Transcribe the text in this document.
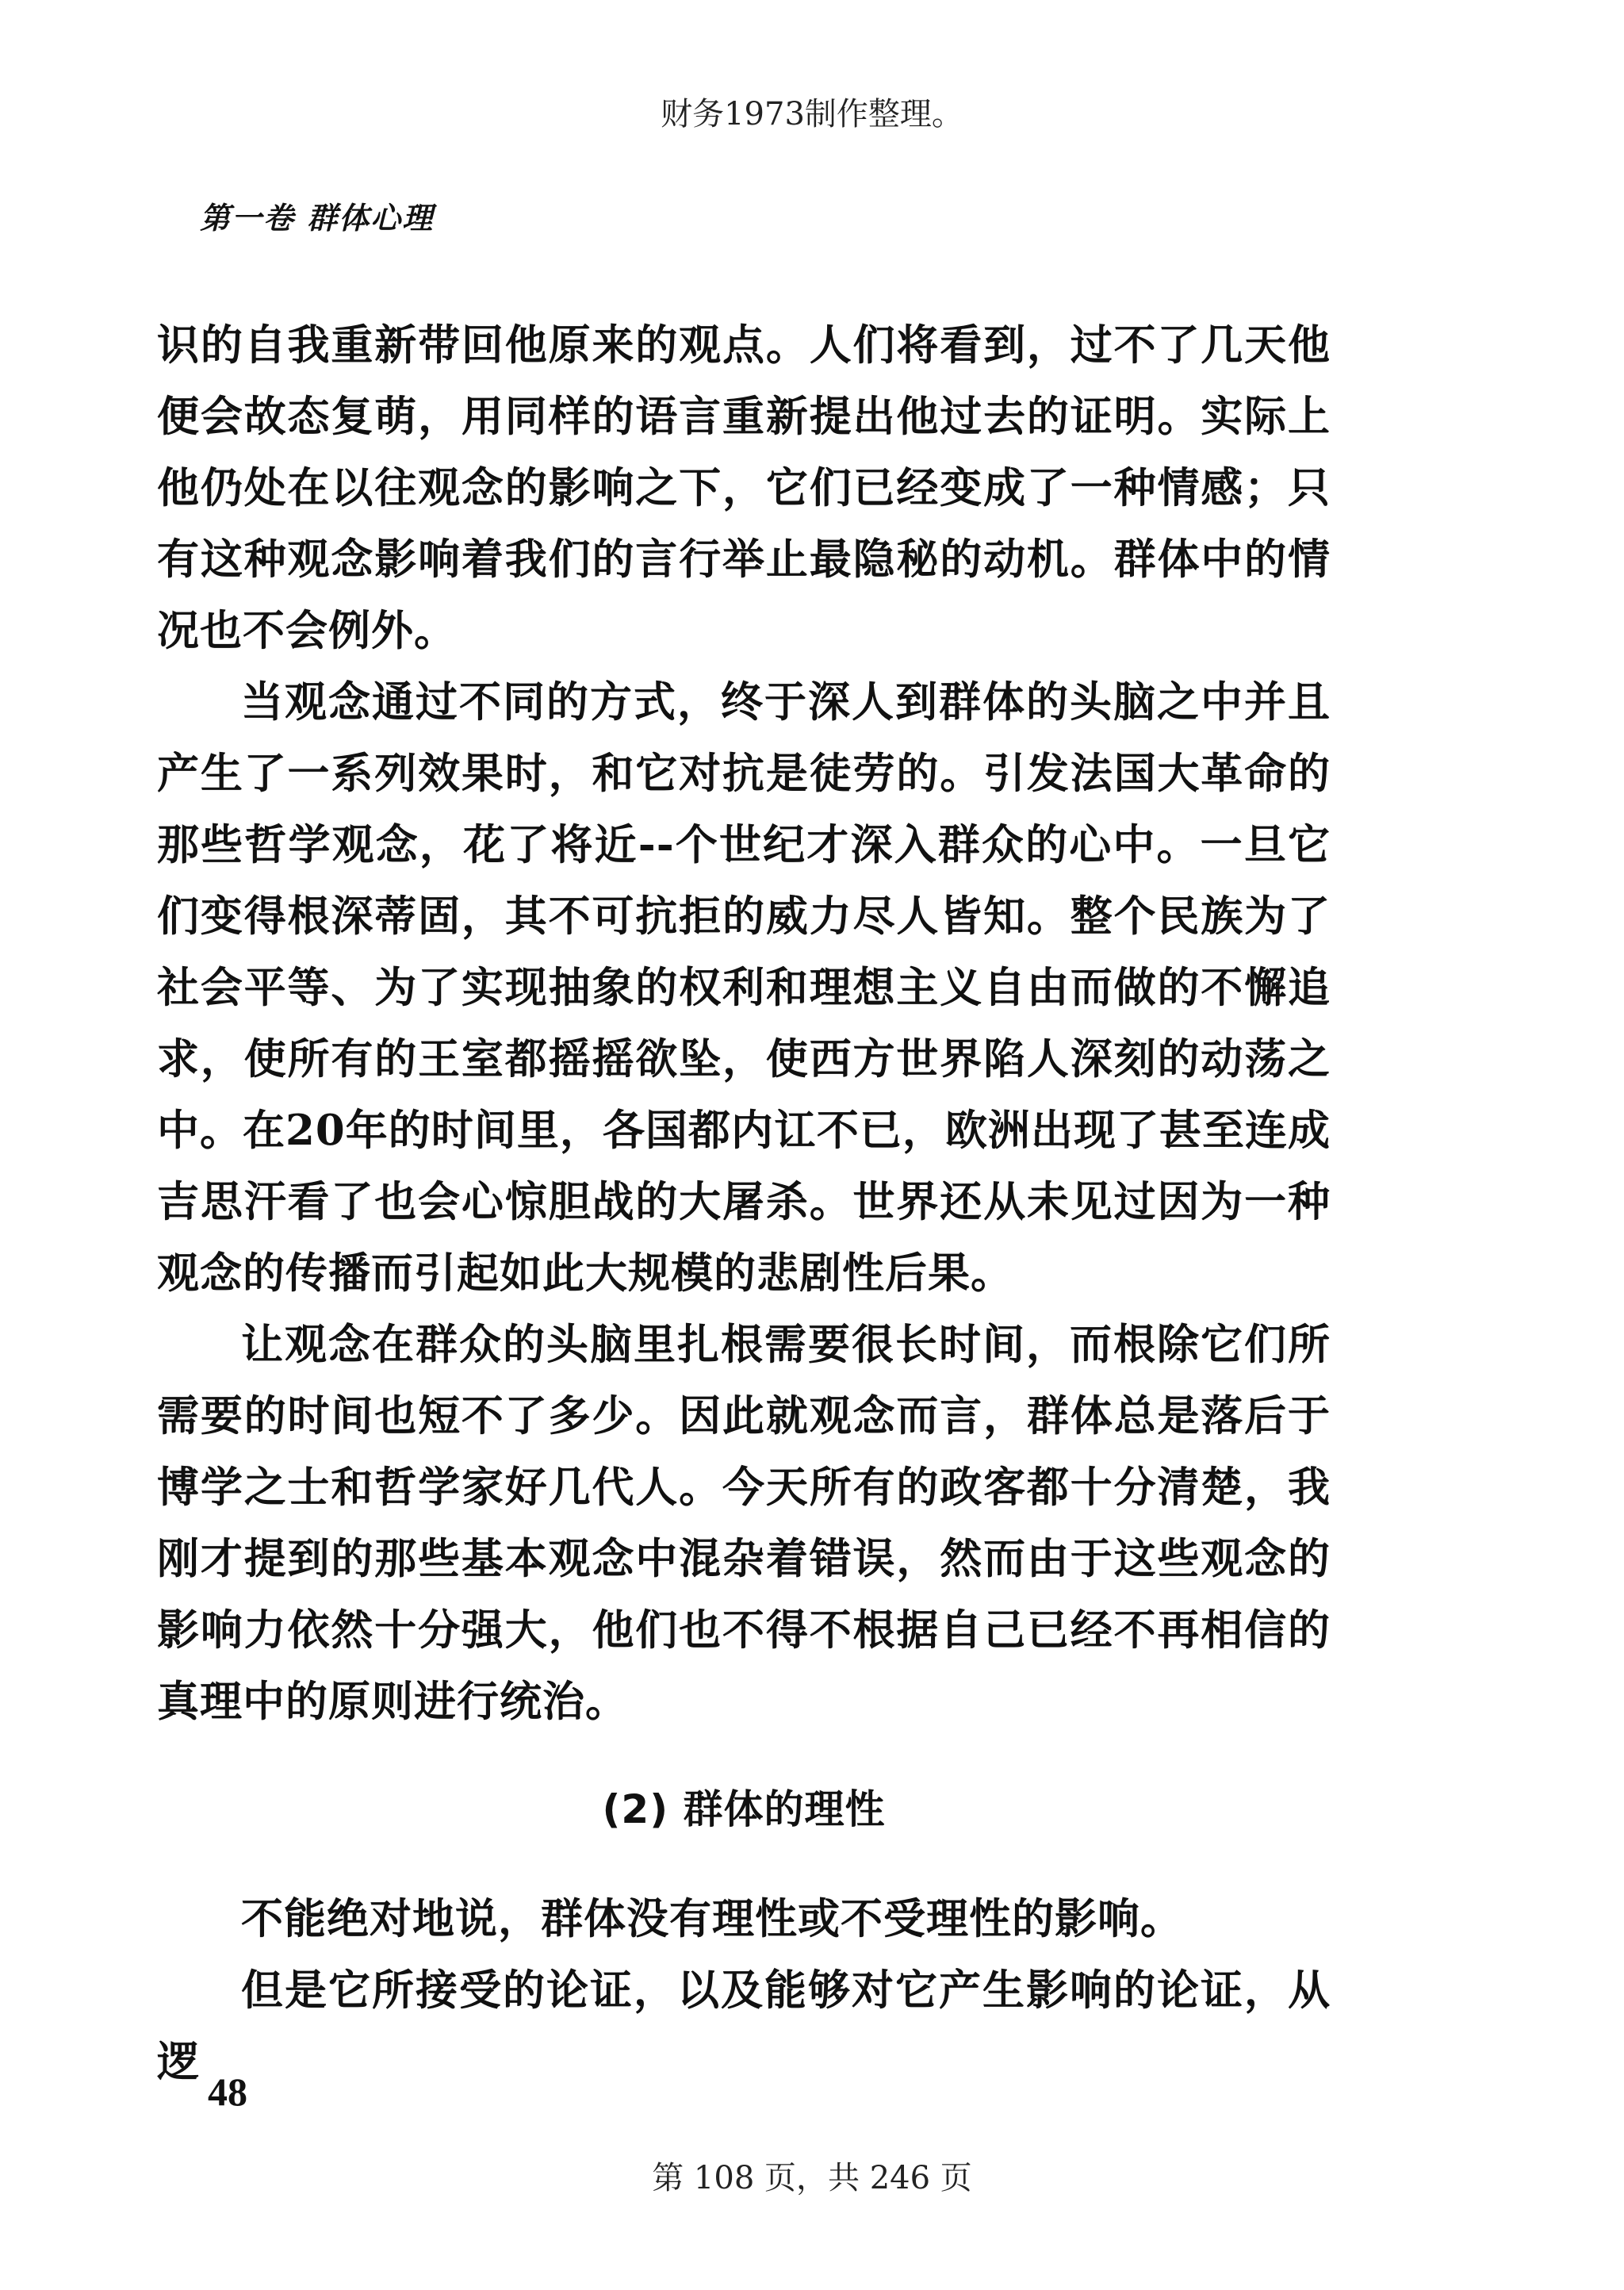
财务1973制作整理。
第一卷 群体心理

识的自我重新带回他原来的观点。人们将看到，过不了几天他便会故态复萌，用同样的语言重新提出他过去的证明。实际上他仍处在以往观念的影响之下，它们已经变成了一种情感；只有这种观念影响着我们的言行举止最隐秘的动机。群体中的情况也不会例外。

当观念通过不同的方式，终于深人到群体的头脑之中并且产生了一系列效果时，和它对抗是徒劳的。引发法国大革命的那些哲学观念，花了将近--个世纪才深入群众的心中。一旦它们变得根深蒂固，其不可抗拒的威力尽人皆知。整个民族为了社会平等、为了实现抽象的权利和理想主义自由而做的不懈追求，使所有的王室都摇摇欲坠，使西方世界陷人深刻的动荡之中。在20年的时间里，各国都内讧不已，欧洲出现了甚至连成吉思汗看了也会心惊胆战的大屠杀。世界还从未见过因为一种观念的传播而引起如此大规模的悲剧性后果。

让观念在群众的头脑里扎根需要很长时间，而根除它们所需要的时间也短不了多少。因此就观念而言，群体总是落后于博学之士和哲学家好几代人。今天所有的政客都十分清楚，我刚才提到的那些基本观念中混杂着错误，然而由于这些观念的影响力依然十分强大，他们也不得不根据自己已经不再相信的真理中的原则进行统治。

(2) 群体的理性

不能绝对地说，群体没有理性或不受理性的影响。

但是它所接受的论证，以及能够对它产生影响的论证，从逻

48
第 108 页，共 246 页
